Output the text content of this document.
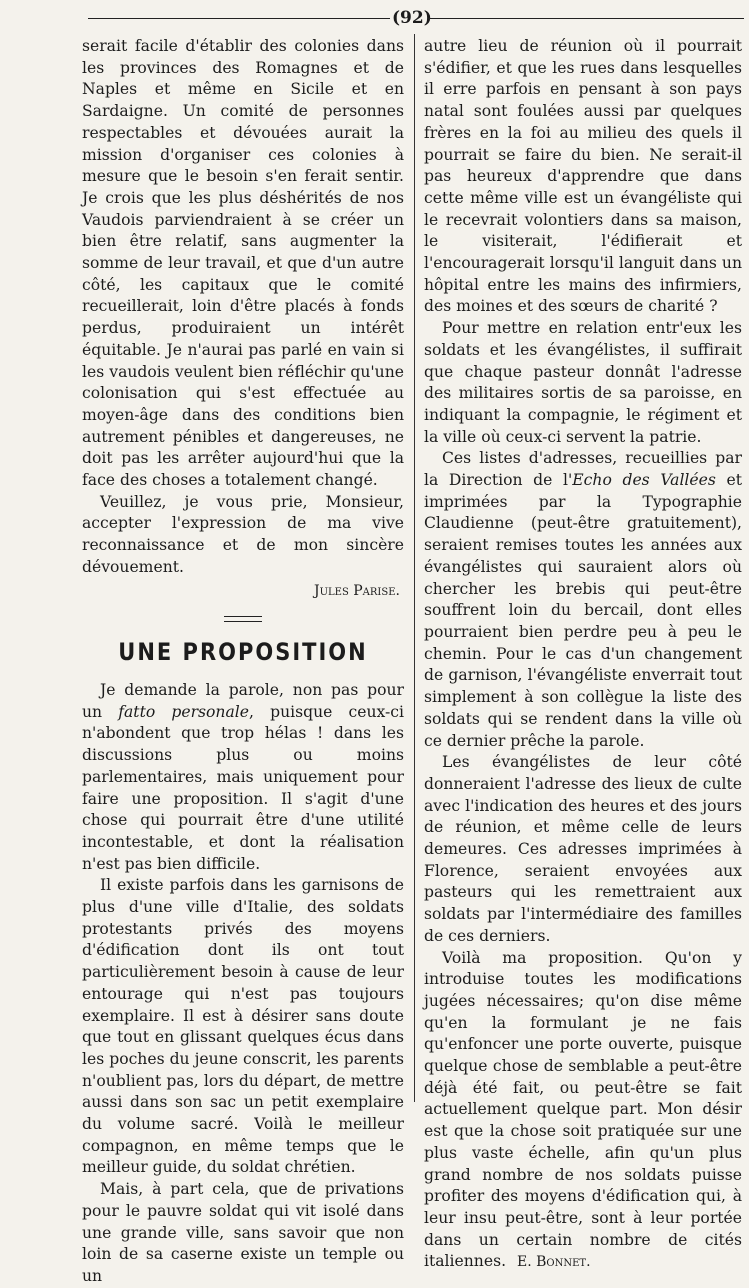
(92)

serait facile d'établir des colonies dans les provinces des Romagnes et de Naples et même en Sicile et en Sardaigne. Un comité de personnes respectables et dévouées aurait la mission d'organiser ces colonies à mesure que le besoin s'en ferait sentir. Je crois que les plus déshérités de nos Vaudois parviendraient à se créer un bien être relatif, sans augmenter la somme de leur travail, et que d'un autre côté, les capitaux que le comité recueillerait, loin d'être placés à fonds perdus, produiraient un intérêt équitable. Je n'aurai pas parlé en vain si les vaudois veulent bien réfléchir qu'une colonisation qui s'est effectuée au moyen-âge dans des conditions bien autrement pénibles et dangereuses, ne doit pas les arrêter aujourd'hui que la face des choses a totalement changé.

Veuillez, je vous prie, Monsieur, accepter l'expression de ma vive reconnaissance et de mon sincère dévouement.

Jules Parise.
UNE PROPOSITION

Je demande la parole, non pas pour un fatto personale, puisque ceux-ci n'abondent que trop hélas ! dans les discussions plus ou moins parlementaires, mais uniquement pour faire une proposition. Il s'agit d'une chose qui pourrait être d'une utilité incontestable, et dont la réalisation n'est pas bien difficile.

Il existe parfois dans les garnisons de plus d'une ville d'Italie, des soldats protestants privés des moyens d'édification dont ils ont tout particulièrement besoin à cause de leur entourage qui n'est pas toujours exemplaire. Il est à désirer sans doute que tout en glissant quelques écus dans les poches du jeune conscrit, les parents n'oublient pas, lors du départ, de mettre aussi dans son sac un petit exemplaire du volume sacré. Voilà le meilleur compagnon, en même temps que le meilleur guide, du soldat chrétien.

Mais, à part cela, que de privations pour le pauvre soldat qui vit isolé dans une grande ville, sans savoir que non loin de sa caserne existe un temple ou un

autre lieu de réunion où il pourrait s'édifier, et que les rues dans lesquelles il erre parfois en pensant à son pays natal sont foulées aussi par quelques frères en la foi au milieu des quels il pourrait se faire du bien. Ne serait-il pas heureux d'apprendre que dans cette même ville est un évangéliste qui le recevrait volontiers dans sa maison, le visiterait, l'édifierait et l'encouragerait lorsqu'il languit dans un hôpital entre les mains des infirmiers, des moines et des sœurs de charité ?

Pour mettre en relation entr'eux les soldats et les évangélistes, il suffirait que chaque pasteur donnât l'adresse des militaires sortis de sa paroisse, en indiquant la compagnie, le régiment et la ville où ceux-ci servent la patrie.

Ces listes d'adresses, recueillies par la Direction de l'Echo des Vallées et imprimées par la Typographie Claudienne (peut-être gratuitement), seraient remises toutes les années aux évangélistes qui sauraient alors où chercher les brebis qui peut-être souffrent loin du bercail, dont elles pourraient bien perdre peu à peu le chemin. Pour le cas d'un changement de garnison, l'évangéliste enverrait tout simplement à son collègue la liste des soldats qui se rendent dans la ville où ce dernier prêche la parole.

Les évangélistes de leur côté donneraient l'adresse des lieux de culte avec l'indication des heures et des jours de réunion, et même celle de leurs demeures. Ces adresses imprimées à Florence, seraient envoyées aux pasteurs qui les remettraient aux soldats par l'intermédiaire des familles de ces derniers.

Voilà ma proposition. Qu'on y introduise toutes les modifications jugées nécessaires; qu'on dise même qu'en la formulant je ne fais qu'enfoncer une porte ouverte, puisque quelque chose de semblable a peut-être déjà été fait, ou peut-être se fait actuellement quelque part. Mon désir est que la chose soit pratiquée sur une plus vaste échelle, afin qu'un plus grand nombre de nos soldats puisse profiter des moyens d'édification qui, à leur insu peut-être, sont à leur portée dans un certain nombre de cités italiennes. E. Bonnet.
